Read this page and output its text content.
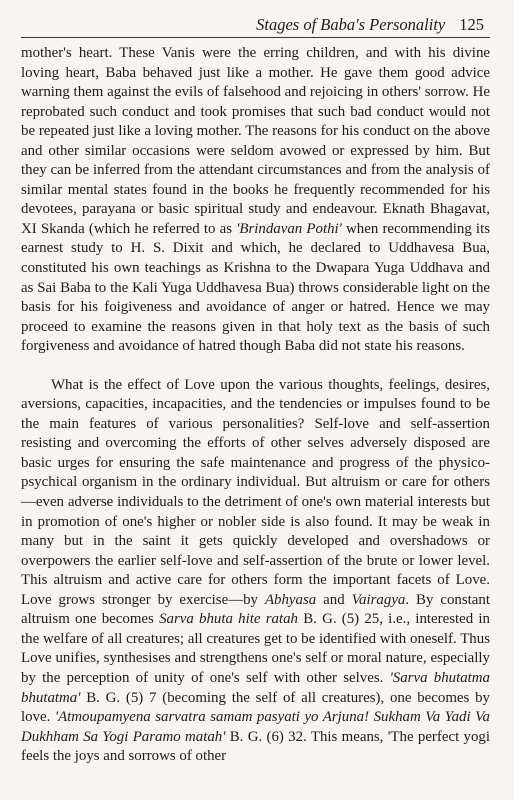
Stages of Baba's Personality 125

mother's heart. These Vanis were the erring children, and with his divine loving heart, Baba behaved just like a mother. He gave them good advice warning them against the evils of falsehood and rejoicing in others' sorrow. He reprobated such conduct and took promises that such bad conduct would not be repeated just like a loving mother. The reasons for his conduct on the above and other similar occasions were seldom avowed or expressed by him. But they can be inferred from the attendant circumstances and from the analysis of similar mental states found in the books he frequently recommended for his devotees, parayana or basic spiritual study and endeavour. Eknath Bhagavat, XI Skanda (which he referred to as 'Brindavan Pothi' when recommending its earnest study to H. S. Dixit and which, he declared to Uddhavesa Bua, constituted his own teachings as Krishna to the Dwapara Yuga Uddhava and as Sai Baba to the Kali Yuga Uddhavesa Bua) throws considerable light on the basis for his foigiveness and avoidance of anger or hatred. Hence we may proceed to examine the reasons given in that holy text as the basis of such forgiveness and avoidance of hatred though Baba did not state his reasons.

What is the effect of Love upon the various thoughts, feelings, desires, aversions, capacities, incapacities, and the tendencies or impulses found to be the main features of various personalities? Self-love and self-assertion resisting and overcoming the efforts of other selves adversely disposed are basic urges for ensuring the safe maintenance and progress of the physico-psychical organism in the ordinary individual. But altruism or care for others—even adverse individuals to the detriment of one's own material interests but in promotion of one's higher or nobler side is also found. It may be weak in many but in the saint it gets quickly developed and overshadows or overpowers the earlier self-love and self-assertion of the brute or lower level. This altruism and active care for others form the important facets of Love. Love grows stronger by exercise—by Abhyasa and Vairagya. By constant altruism one becomes Sarva bhuta hite ratah B. G. (5) 25, i.e., interested in the welfare of all creatures; all creatures get to be identified with oneself. Thus Love unifies, synthesises and strengthens one's self or moral nature, especially by the perception of unity of one's self with other selves. 'Sarva bhutatma bhutatma' B. G. (5) 7 (becoming the self of all creatures), one becomes by love. 'Atmoupamyena sarvatra samam pasyati yo Arjuna! Sukham Va Yadi Va Dukhham Sa Yogi Paramo matah' B. G. (6) 32. This means, 'The perfect yogi feels the joys and sorrows of other
